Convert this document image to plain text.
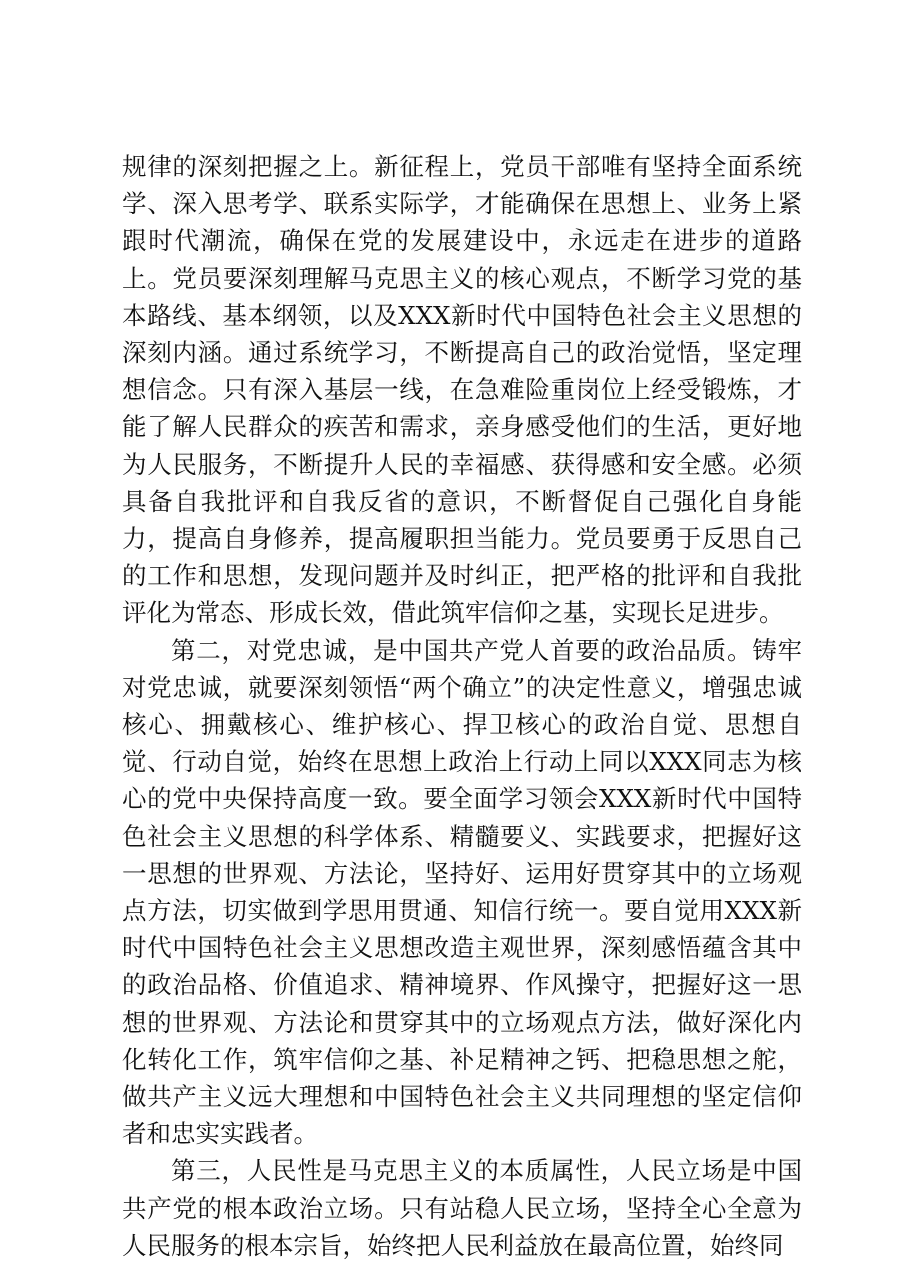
规律的深刻把握之上。新征程上，党员干部唯有坚持全面系统学、深入思考学、联系实际学，才能确保在思想上、业务上紧跟时代潮流，确保在党的发展建设中，永远走在进步的道路上。党员要深刻理解马克思主义的核心观点，不断学习党的基本路线、基本纲领，以及XXX新时代中国特色社会主义思想的深刻内涵。通过系统学习，不断提高自己的政治觉悟，坚定理想信念。只有深入基层一线，在急难险重岗位上经受锻炼，才能了解人民群众的疾苦和需求，亲身感受他们的生活，更好地为人民服务，不断提升人民的幸福感、获得感和安全感。必须具备自我批评和自我反省的意识，不断督促自己强化自身能力，提高自身修养，提高履职担当能力。党员要勇于反思自己的工作和思想，发现问题并及时纠正，把严格的批评和自我批评化为常态、形成长效，借此筑牢信仰之基，实现长足进步。

第二，对党忠诚，是中国共产党人首要的政治品质。铸牢对党忠诚，就要深刻领悟“两个确立”的决定性意义，增强忠诚核心、拥戴核心、维护核心、捍卫核心的政治自觉、思想自觉、行动自觉，始终在思想上政治上行动上同以XXX同志为核心的党中央保持高度一致。要全面学习领会XXX新时代中国特色社会主义思想的科学体系、精髓要义、实践要求，把握好这一思想的世界观、方法论，坚持好、运用好贯穿其中的立场观点方法，切实做到学思用贯通、知信行统一。要自觉用XXX新时代中国特色社会主义思想改造主观世界，深刻感悟蕴含其中的政治品格、价值追求、精神境界、作风操守，把握好这一思想的世界观、方法论和贯穿其中的立场观点方法，做好深化内化转化工作，筑牢信仰之基、补足精神之钙、把稳思想之舵，做共产主义远大理想和中国特色社会主义共同理想的坚定信仰者和忠实实践者。

第三，人民性是马克思主义的本质属性，人民立场是中国共产党的根本政治立场。只有站稳人民立场，坚持全心全意为人民服务的根本宗旨，始终把人民利益放在最高位置，始终同
